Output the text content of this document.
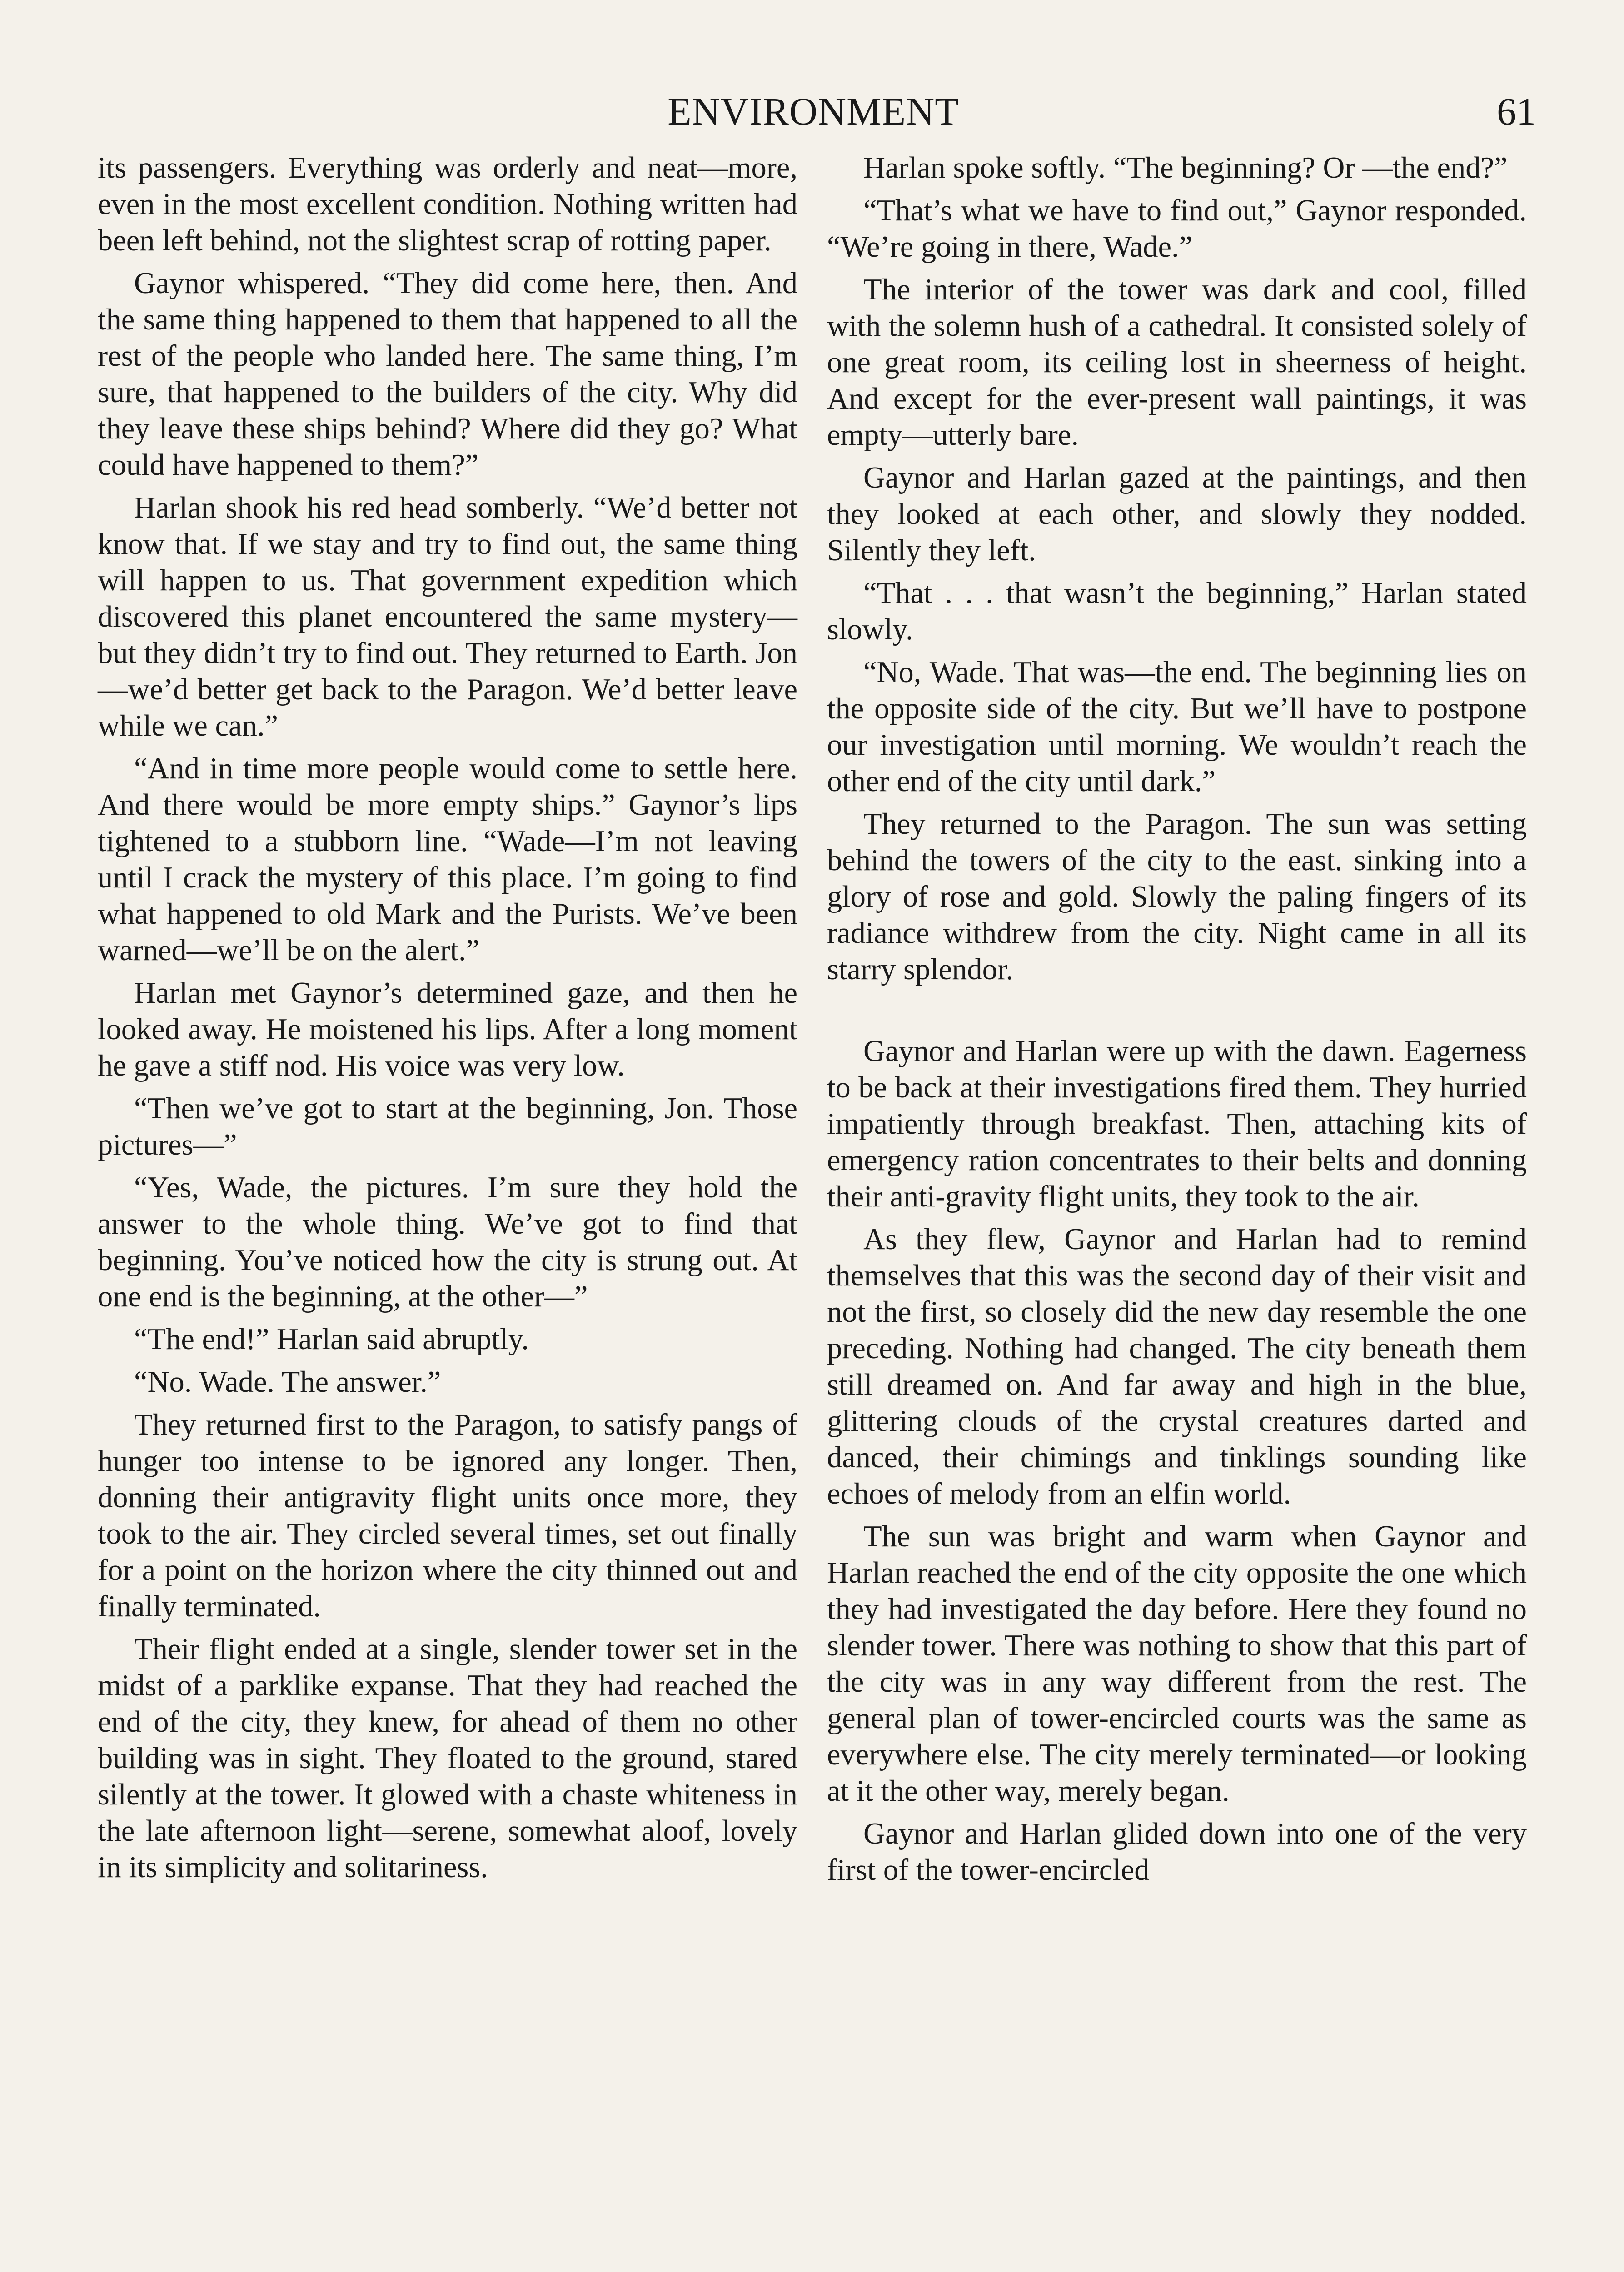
ENVIRONMENT	61

its passengers. Everything was orderly and neat—more, even in the most excellent condition. Nothing written had been left behind, not the slightest scrap of rotting paper.

Gaynor whispered. “They did come here, then. And the same thing happened to them that happened to all the rest of the people who landed here. The same thing, I’m sure, that happened to the builders of the city. Why did they leave these ships behind? Where did they go? What could have happened to them?”

Harlan shook his red head somberly. “We’d better not know that. If we stay and try to find out, the same thing will happen to us. That government expedition which discovered this planet encountered the same mystery—but they didn’t try to find out. They returned to Earth. Jon—we’d better get back to the Paragon. We’d better leave while we can.”

“And in time more people would come to settle here. And there would be more empty ships.” Gaynor’s lips tightened to a stubborn line. “Wade—I’m not leaving until I crack the mystery of this place. I’m going to find what happened to old Mark and the Purists. We’ve been warned—we’ll be on the alert.”

Harlan met Gaynor’s determined gaze, and then he looked away. He moistened his lips. After a long moment he gave a stiff nod. His voice was very low.

“Then we’ve got to start at the beginning, Jon. Those pictures—”

“Yes, Wade, the pictures. I’m sure they hold the answer to the whole thing. We’ve got to find that beginning. You’ve noticed how the city is strung out. At one end is the beginning, at the other—”

“The end!” Harlan said abruptly.

“No. Wade. The answer.”

They returned first to the Paragon, to satisfy pangs of hunger too intense to be ignored any longer. Then, donning their antigravity flight units once more, they took to the air. They circled several times, set out finally for a point on the horizon where the city thinned out and finally terminated.

Their flight ended at a single, slender tower set in the midst of a parklike expanse. That they had reached the end of the city, they knew, for ahead of them no other building was in sight. They floated to the ground, stared silently at the tower. It glowed with a chaste whiteness in the late afternoon light—serene, somewhat aloof, lovely in its simplicity and solitariness.

Harlan spoke softly. “The beginning? Or —the end?”

“That’s what we have to find out,” Gaynor responded. “We’re going in there, Wade.”

The interior of the tower was dark and cool, filled with the solemn hush of a cathedral. It consisted solely of one great room, its ceiling lost in sheerness of height. And except for the ever-present wall paintings, it was empty—utterly bare.

Gaynor and Harlan gazed at the paintings, and then they looked at each other, and slowly they nodded. Silently they left.

“That . . . that wasn’t the beginning,” Harlan stated slowly.

“No, Wade. That was—the end. The beginning lies on the opposite side of the city. But we’ll have to postpone our investigation until morning. We wouldn’t reach the other end of the city until dark.”

They returned to the Paragon. The sun was setting behind the towers of the city to the east. sinking into a glory of rose and gold. Slowly the paling fingers of its radiance withdrew from the city. Night came in all its starry splendor.

Gaynor and Harlan were up with the dawn. Eagerness to be back at their investigations fired them. They hurried impatiently through breakfast. Then, attaching kits of emergency ration concentrates to their belts and donning their anti-gravity flight units, they took to the air.

As they flew, Gaynor and Harlan had to remind themselves that this was the second day of their visit and not the first, so closely did the new day resemble the one preceding. Nothing had changed. The city beneath them still dreamed on. And far away and high in the blue, glittering clouds of the crystal creatures darted and danced, their chimings and tinklings sounding like echoes of melody from an elfin world.

The sun was bright and warm when Gaynor and Harlan reached the end of the city opposite the one which they had investigated the day before. Here they found no slender tower. There was nothing to show that this part of the city was in any way different from the rest. The general plan of tower-encircled courts was the same as everywhere else. The city merely terminated—or looking at it the other way, merely began.

Gaynor and Harlan glided down into one of the very first of the tower-encircled
